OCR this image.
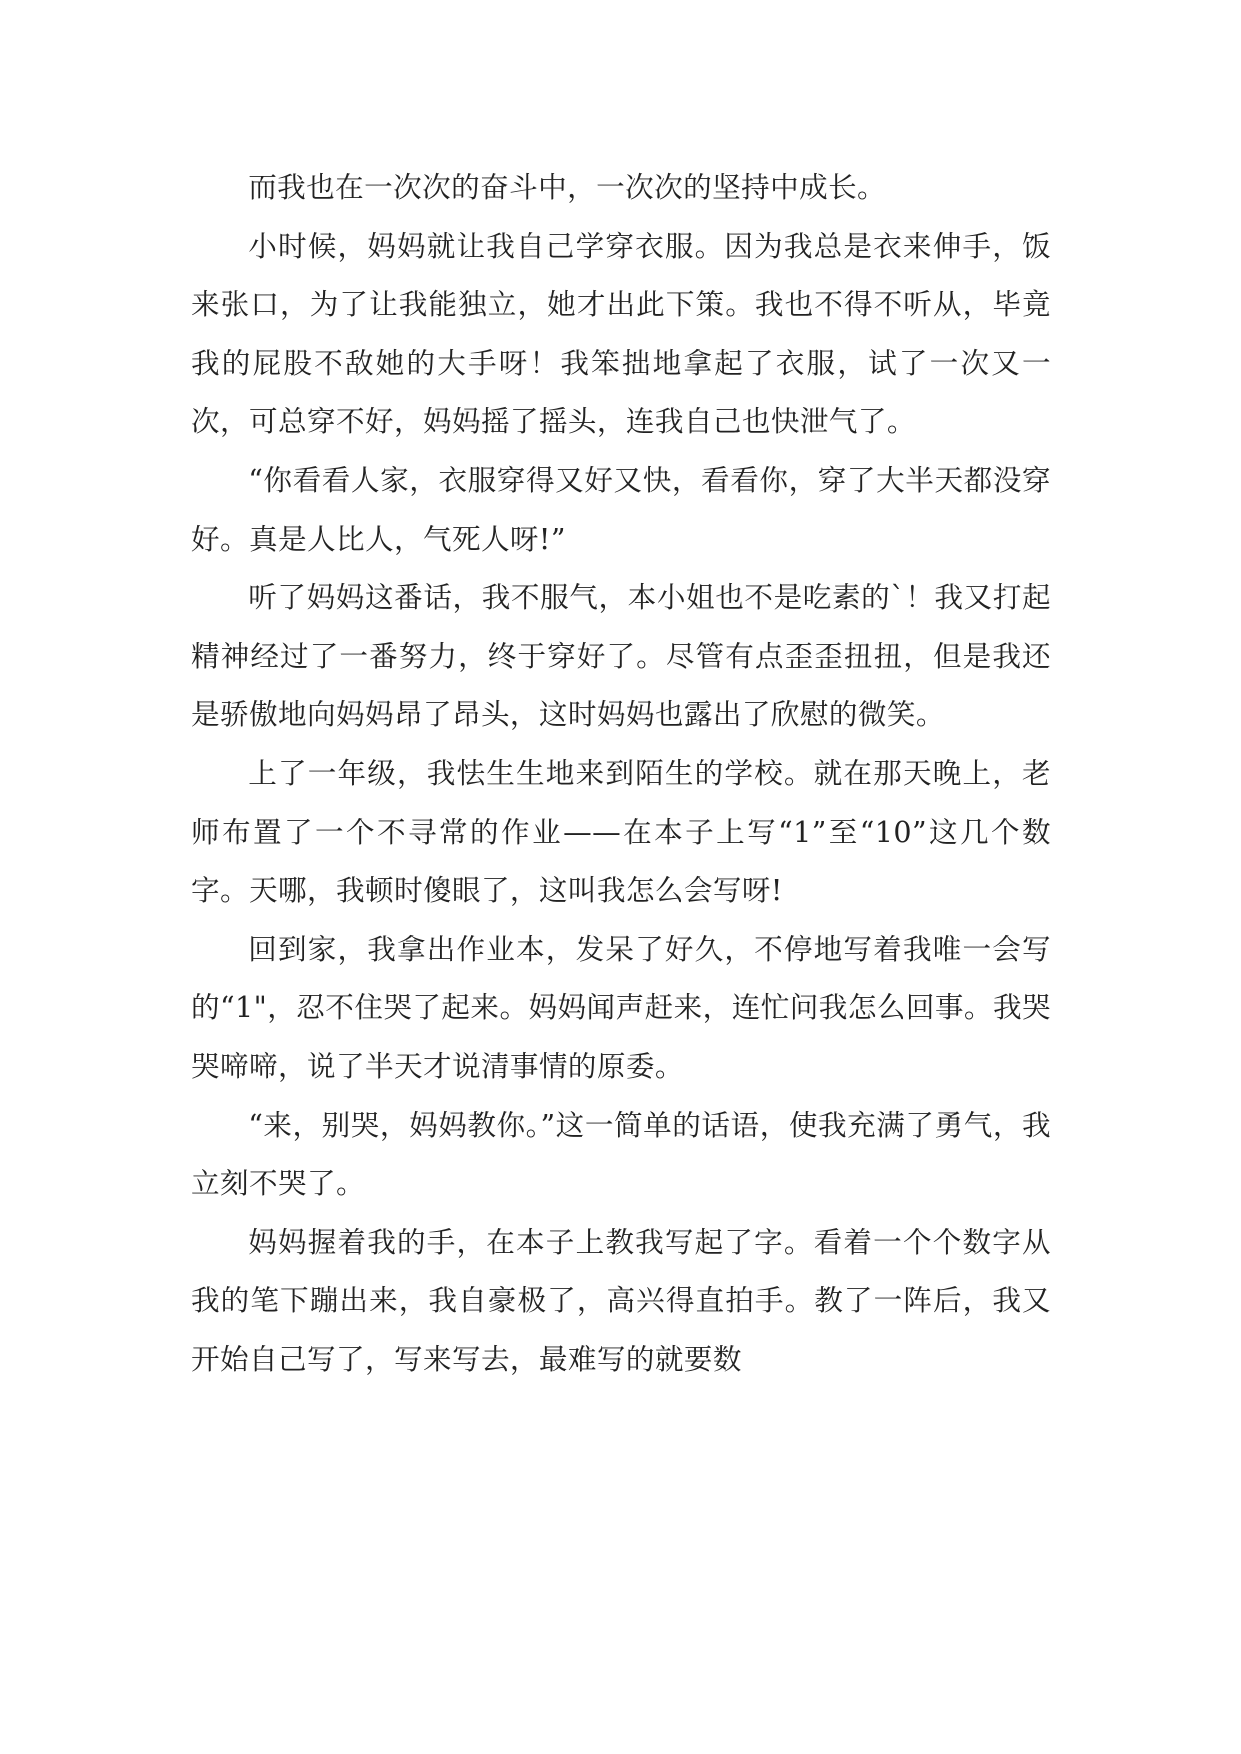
而我也在一次次的奋斗中，一次次的坚持中成长。

小时候，妈妈就让我自己学穿衣服。因为我总是衣来伸手，饭来张口，为了让我能独立，她才出此下策。我也不得不听从，毕竟我的屁股不敌她的大手呀！我笨拙地拿起了衣服，试了一次又一次，可总穿不好，妈妈摇了摇头，连我自己也快泄气了。

“你看看人家，衣服穿得又好又快，看看你，穿了大半天都没穿好。真是人比人，气死人呀!”

听了妈妈这番话，我不服气，本小姐也不是吃素的`！我又打起精神经过了一番努力，终于穿好了。尽管有点歪歪扭扭，但是我还是骄傲地向妈妈昂了昂头，这时妈妈也露出了欣慰的微笑。

上了一年级，我怯生生地来到陌生的学校。就在那天晚上，老师布置了一个不寻常的作业——在本子上写“1”至“10”这几个数字。天哪，我顿时傻眼了，这叫我怎么会写呀!

回到家，我拿出作业本，发呆了好久，不停地写着我唯一会写的“1"，忍不住哭了起来。妈妈闻声赶来，连忙问我怎么回事。我哭哭啼啼，说了半天才说清事情的原委。

“来，别哭，妈妈教你。”这一简单的话语，使我充满了勇气，我立刻不哭了。

妈妈握着我的手，在本子上教我写起了字。看着一个个数字从我的笔下蹦出来，我自豪极了，高兴得直拍手。教了一阵后，我又开始自己写了，写来写去，最难写的就要数
